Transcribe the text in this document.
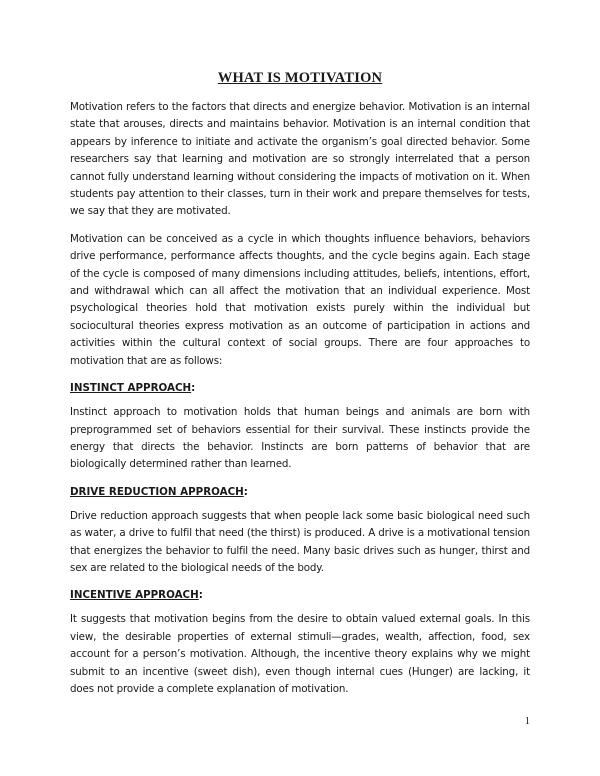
WHAT IS MOTIVATION

Motivation refers to the factors that directs and energize behavior. Motivation is an internal state that arouses, directs and maintains behavior. Motivation is an internal condition that appears by inference to initiate and activate the organism’s goal directed behavior. Some researchers say that learning and motivation are so strongly interrelated that a person cannot fully understand learning without considering the impacts of motivation on it. When students pay attention to their classes, turn in their work and prepare themselves for tests, we say that they are motivated.

Motivation can be conceived as a cycle in which thoughts influence behaviors, behaviors drive performance, performance affects thoughts, and the cycle begins again. Each stage of the cycle is composed of many dimensions including attitudes, beliefs, intentions, effort, and withdrawal which can all affect the motivation that an individual experience. Most psychological theories hold that motivation exists purely within the individual but sociocultural theories express motivation as an outcome of participation in actions and activities within the cultural context of social groups. There are four approaches to motivation that are as follows:

INSTINCT APPROACH:

Instinct approach to motivation holds that human beings and animals are born with preprogrammed set of behaviors essential for their survival. These instincts provide the energy that directs the behavior. Instincts are born patterns of behavior that are biologically determined rather than learned.

DRIVE REDUCTION APPROACH:

Drive reduction approach suggests that when people lack some basic biological need such as water, a drive to fulfil that need (the thirst) is produced. A drive is a motivational tension that energizes the behavior to fulfil the need. Many basic drives such as hunger, thirst and sex are related to the biological needs of the body.

INCENTIVE APPROACH:

It suggests that motivation begins from the desire to obtain valued external goals. In this view, the desirable properties of external stimuli—grades, wealth, affection, food, sex account for a person’s motivation. Although, the incentive theory explains why we might submit to an incentive (sweet dish), even though internal cues (Hunger) are lacking, it does not provide a complete explanation of motivation.

1
